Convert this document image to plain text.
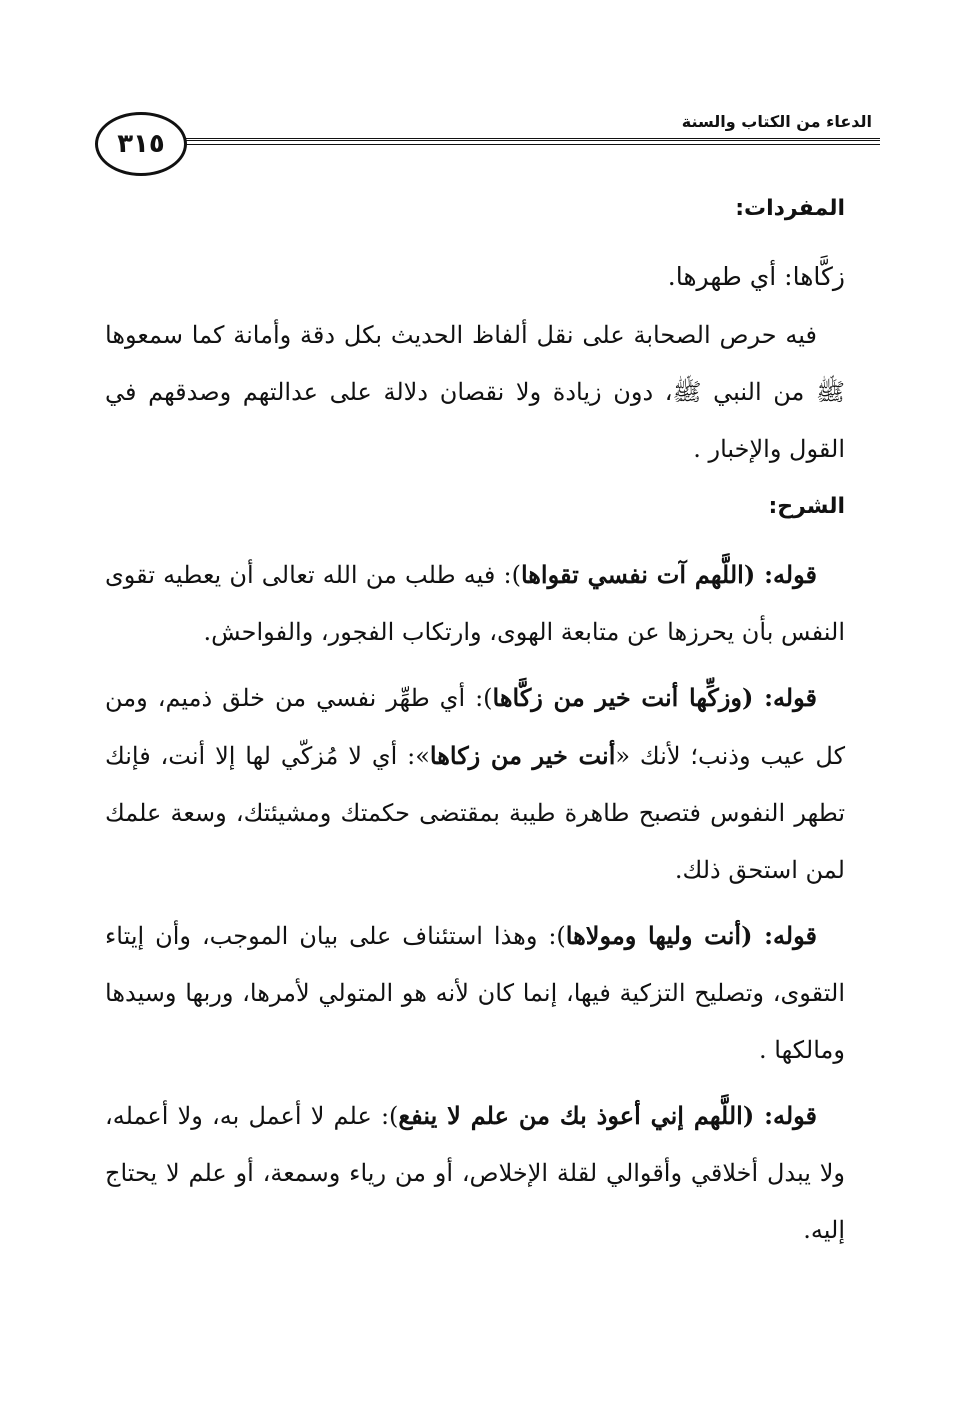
٣١٥
الدعاء من الكتاب والسنة
المفردات:

زكَّاها: أي طهرها.

فيه حرص الصحابة على نقل ألفاظ الحديث بكل دقة وأمانة كما سمعوها ﷺ من النبي ﷺ، دون زيادة ولا نقصان دلالة على عدالتهم وصدقهم في القول والإخبار .

الشرح:

قوله: (اللَّهم آت نفسي تقواها): فيه طلب من الله تعالى أن يعطيه تقوى النفس بأن يحرزها عن متابعة الهوى، وارتكاب الفجور، والفواحش.

قوله: (وزكِّها أنت خير من زكَّاها): أي طهِّر نفسي من خلق ذميم، ومن كل عيب وذنب؛ لأنك «أنت خير من زكاها»: أي لا مُزكّي لها إلا أنت، فإنك تطهر النفوس فتصبح طاهرة طيبة بمقتضى حكمتك ومشيئتك، وسعة علمك لمن استحق ذلك.

قوله: (أنت وليها ومولاها): وهذا استئناف على بيان الموجب، وأن إيتاء التقوى، وتصليح التزكية فيها، إنما كان لأنه هو المتولي لأمرها، وربها وسيدها ومالكها .

قوله: (اللَّهم إني أعوذ بك من علم لا ينفع): علم لا أعمل به، ولا أعمله، ولا يبدل أخلاقي وأقوالي لقلة الإخلاص، أو من رياء وسمعة، أو علم لا يحتاج إليه.
